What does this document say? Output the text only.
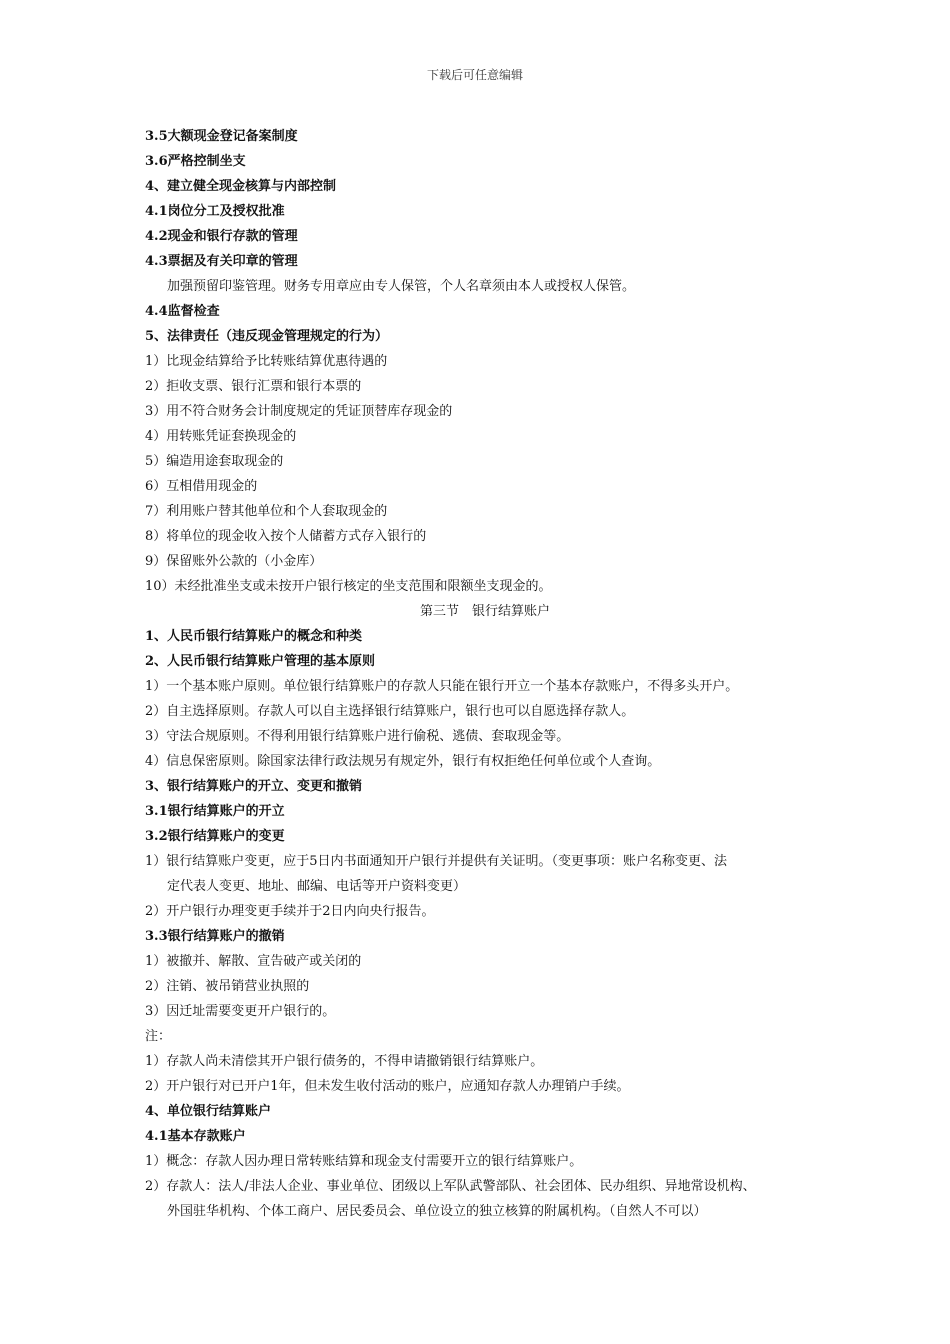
下载后可任意编辑
3.5大额现金登记备案制度
3.6严格控制坐支
4、建立健全现金核算与内部控制
4.1岗位分工及授权批准
4.2现金和银行存款的管理
4.3票据及有关印章的管理
加强预留印鉴管理。财务专用章应由专人保管，个人名章须由本人或授权人保管。
4.4监督检查
5、法律责任（违反现金管理规定的行为）
1）比现金结算给予比转账结算优惠待遇的
2）拒收支票、银行汇票和银行本票的
3）用不符合财务会计制度规定的凭证顶替库存现金的
4）用转账凭证套换现金的
5）编造用途套取现金的
6）互相借用现金的
7）利用账户替其他单位和个人套取现金的
8）将单位的现金收入按个人储蓄方式存入银行的
9）保留账外公款的（小金库）
10）未经批准坐支或未按开户银行核定的坐支范围和限额坐支现金的。
第三节　银行结算账户
1、人民币银行结算账户的概念和种类
2、人民币银行结算账户管理的基本原则
1）一个基本账户原则。单位银行结算账户的存款人只能在银行开立一个基本存款账户，不得多头开户。
2）自主选择原则。存款人可以自主选择银行结算账户，银行也可以自愿选择存款人。
3）守法合规原则。不得利用银行结算账户进行偷税、逃债、套取现金等。
4）信息保密原则。除国家法律行政法规另有规定外，银行有权拒绝任何单位或个人查询。
3、银行结算账户的开立、变更和撤销
3.1银行结算账户的开立
3.2银行结算账户的变更
1）银行结算账户变更，应于5日内书面通知开户银行并提供有关证明。（变更事项：账户名称变更、法
定代表人变更、地址、邮编、电话等开户资料变更）
2）开户银行办理变更手续并于2日内向央行报告。
3.3银行结算账户的撤销
1）被撤并、解散、宣告破产或关闭的
2）注销、被吊销营业执照的
3）因迁址需要变更开户银行的。
注：
1）存款人尚未清偿其开户银行债务的，不得申请撤销银行结算账户。
2）开户银行对已开户1年，但未发生收付活动的账户，应通知存款人办理销户手续。
4、单位银行结算账户
4.1基本存款账户
1）概念：存款人因办理日常转账结算和现金支付需要开立的银行结算账户。
2）存款人：法人/非法人企业、事业单位、团级以上军队武警部队、社会团体、民办组织、异地常设机构、
外国驻华机构、个体工商户、居民委员会、单位设立的独立核算的附属机构。（自然人不可以）
